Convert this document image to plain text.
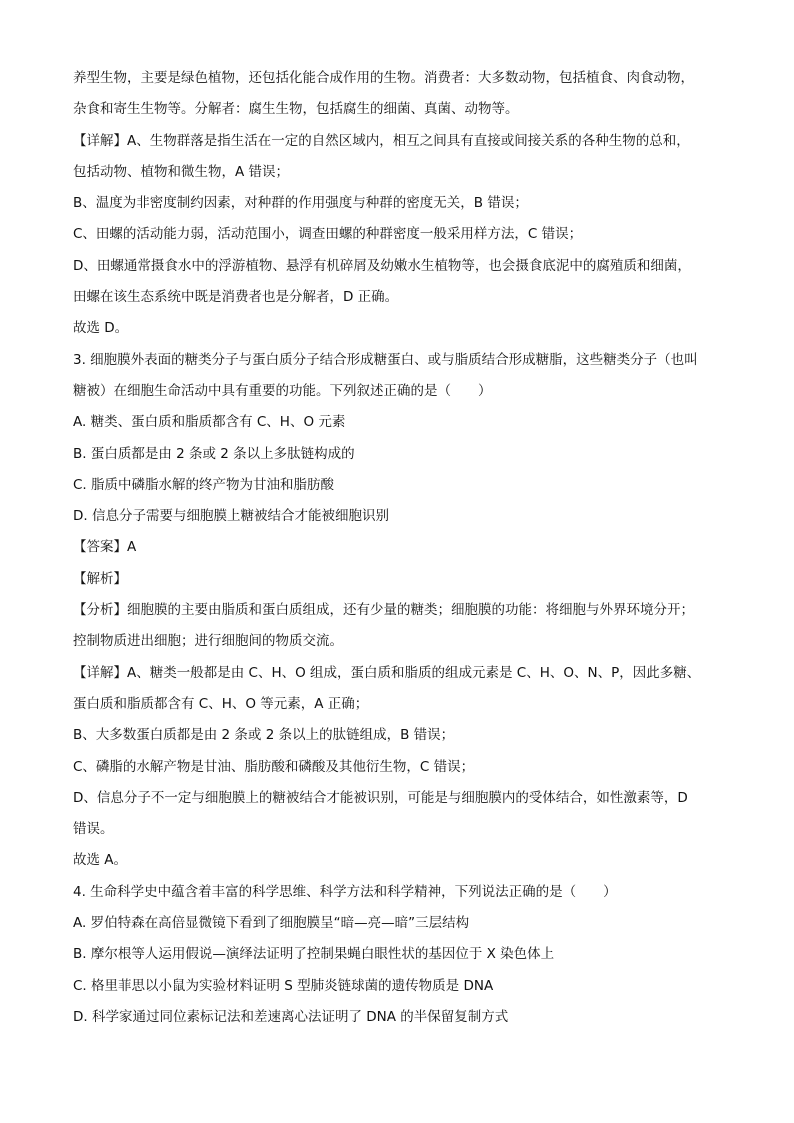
养型生物，主要是绿色植物，还包括化能合成作用的生物。消费者：大多数动物，包括植食、肉食动物，
杂食和寄生生物等。分解者：腐生生物，包括腐生的细菌、真菌、动物等。
【详解】A、生物群落是指生活在一定的自然区域内，相互之间具有直接或间接关系的各种生物的总和，
包括动物、植物和微生物，A 错误；
B、温度为非密度制约因素，对种群的作用强度与种群的密度无关，B 错误；
C、田螺的活动能力弱，活动范围小，调查田螺的种群密度一般采用样方法，C 错误；
D、田螺通常摄食水中的浮游植物、悬浮有机碎屑及幼嫩水生植物等，也会摄食底泥中的腐殖质和细菌，
田螺在该生态系统中既是消费者也是分解者，D 正确。
故选 D。
3. 细胞膜外表面的糖类分子与蛋白质分子结合形成糖蛋白、或与脂质结合形成糖脂，这些糖类分子（也叫
糖被）在细胞生命活动中具有重要的功能。下列叙述正确的是（　　）
A. 糖类、蛋白质和脂质都含有 C、H、O 元素
B. 蛋白质都是由 2 条或 2 条以上多肽链构成的
C. 脂质中磷脂水解的终产物为甘油和脂肪酸
D. 信息分子需要与细胞膜上糖被结合才能被细胞识别
【答案】A
【解析】
【分析】细胞膜的主要由脂质和蛋白质组成，还有少量的糖类；细胞膜的功能：将细胞与外界环境分开；
控制物质进出细胞；进行细胞间的物质交流。
【详解】A、糖类一般都是由 C、H、O 组成，蛋白质和脂质的组成元素是 C、H、O、N、P，因此多糖、
蛋白质和脂质都含有 C、H、O 等元素，A 正确；
B、大多数蛋白质都是由 2 条或 2 条以上的肽链组成，B 错误；
C、磷脂的水解产物是甘油、脂肪酸和磷酸及其他衍生物，C 错误；
D、信息分子不一定与细胞膜上的糖被结合才能被识别，可能是与细胞膜内的受体结合，如性激素等，D
错误。
故选 A。
4. 生命科学史中蕴含着丰富的科学思维、科学方法和科学精神，下列说法正确的是（　　）
A. 罗伯特森在高倍显微镜下看到了细胞膜呈“暗—亮—暗”三层结构
B. 摩尔根等人运用假说—演绎法证明了控制果蝇白眼性状的基因位于 X 染色体上
C. 格里菲思以小鼠为实验材料证明 S 型肺炎链球菌的遗传物质是 DNA
D. 科学家通过同位素标记法和差速离心法证明了 DNA 的半保留复制方式
